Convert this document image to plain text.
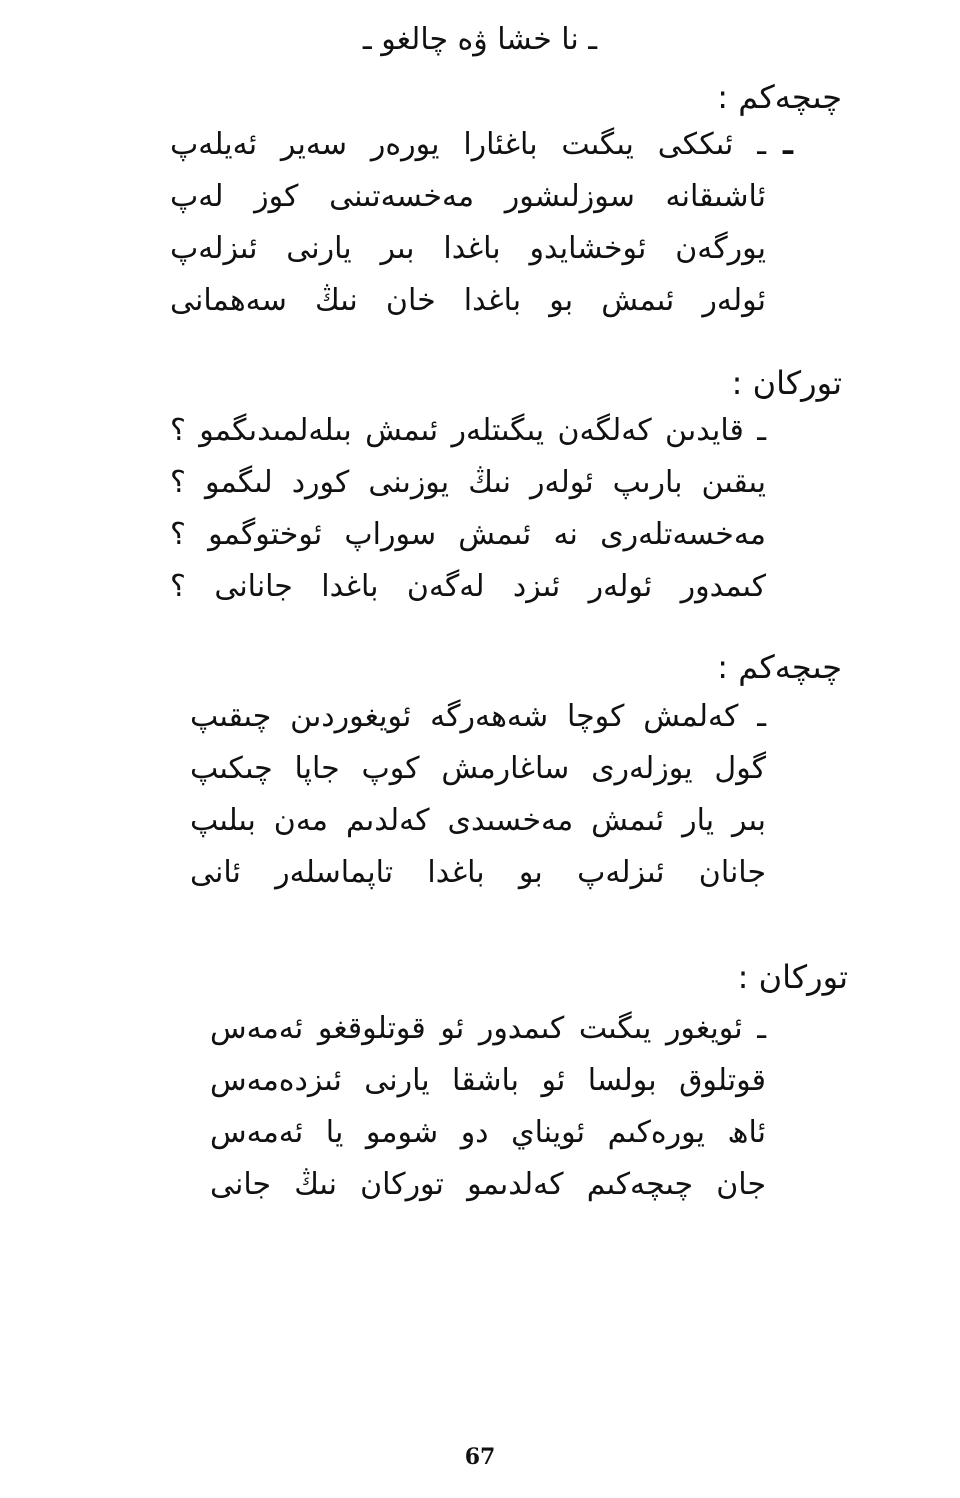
ـ نا خشا ۋە چالغو ـ
چىچەكم :
ـ
ـ ئىككى يىگىت باغئارا يورەر سەير ئەيلەپ
ئاشىقانە سوزلىشور مەخسەتىنى كوز لەپ
يورگەن ئوخشايدو باغدا بىر يارنى ئىزلەپ
ئولەر ئىمش بو باغدا خان نىڭ سەھمانى
توركان :
ـ قايدىن كەلگەن يىگىتلەر ئىمش بىلەلمىدىگمو ؟
يىقىن بارىپ ئولەر نىڭ يوزىنى كورد لىگمو ؟
مەخسەتلەرى نە ئىمش سوراپ ئوختوگمو ؟
كىمدور ئولەر ئىزد لەگەن باغدا جانانى ؟
چىچەكم :
ـ كەلمش كوچا شەھەرگە ئويغوردىن چىقىپ
گول يوزلەرى ساغارمش كوپ جاپا چىكىپ
بىر يار ئىمش مەخسىدى كەلدىم مەن بىلىپ
جانان ئىزلەپ بو باغدا تاپماسلەر ئانى
توركان :
ـ ئويغور يىگىت كىمدور ئو قوتلوقغو ئەمەس
قوتلوق بولسا ئو باشقا يارنى ئىزدەمەس
ئاھ يورەكىم ئويناي دو شومو يا ئەمەس
جان چىچەكىم كەلدىمو توركان نىڭ جانى
67
